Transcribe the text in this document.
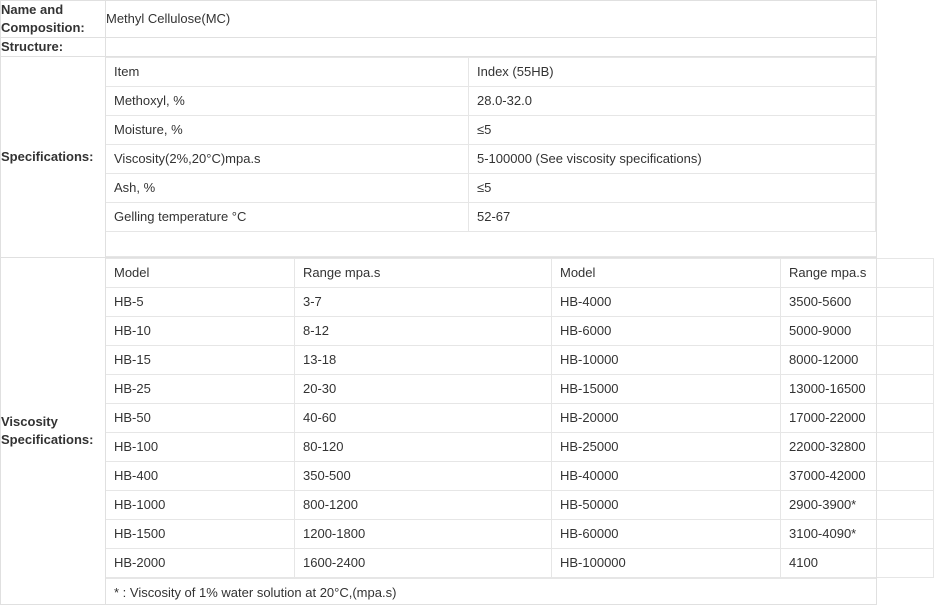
Name and Composition:	Methyl Cellulose(MC)
Structure:	
Specifications:	
Item	Index (55HB)
Methoxyl, %	28.0-32.0
Moisture, %	≤5
Viscosity(2%,20°C)mpa.s	5-100000 (See viscosity specifications)
Ash, %	≤5
Gelling temperature °C	52-67

Viscosity Specifications:	
Model	Range mpa.s	Model	Range mpa.s
HB-5	3-7	HB-4000	3500-5600
HB-10	8-12	HB-6000	5000-9000
HB-15	13-18	HB-10000	8000-12000
HB-25	20-30	HB-15000	13000-16500
HB-50	40-60	HB-20000	17000-22000
HB-100	80-120	HB-25000	22000-32800
HB-400	350-500	HB-40000	37000-42000
HB-1000	800-1200	HB-50000	2900-3900*
HB-1500	1200-1800	HB-60000	3100-4090*
HB-2000	1600-2400	HB-100000	4100
* : Viscosity of 1% water solution at 20°C,(mpa.s)
